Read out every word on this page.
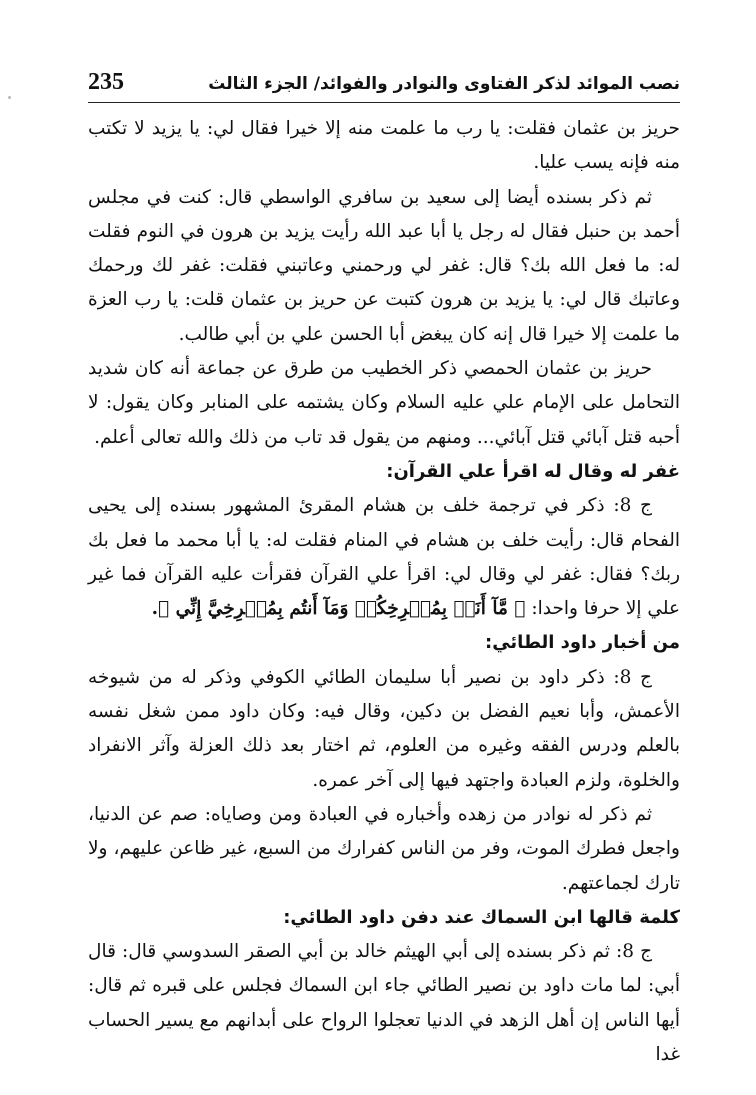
نصب الموائد لذكر الفتاوى والنوادر والفوائد/ الجزء الثالث
235

حريز بن عثمان فقلت: يا رب ما علمت منه إلا خيرا فقال لي: يا يزيد لا تكتب منه فإنه يسب عليا.

ثم ذكر بسنده أيضا إلى سعيد بن سافري الواسطي قال: كنت في مجلس أحمد بن حنبل فقال له رجل يا أبا عبد الله رأيت يزيد بن هرون في النوم فقلت له: ما فعل الله بك؟ قال: غفر لي ورحمني وعاتبني فقلت: غفر لك ورحمك وعاتبك قال لي: يا يزيد بن هرون كتبت عن حريز بن عثمان قلت: يا رب العزة ما علمت إلا خيرا قال إنه كان يبغض أبا الحسن علي بن أبي طالب.

حريز بن عثمان الحمصي ذكر الخطيب من طرق عن جماعة أنه كان شديد التحامل على الإمام علي عليه السلام وكان يشتمه على المنابر وكان يقول: لا أحبه قتل آبائي قتل آبائي... ومنهم من يقول قد تاب من ذلك والله تعالى أعلم.

غفر له وقال له اقرأ علي القرآن:

ج 8: ذكر في ترجمة خلف بن هشام المقرئ المشهور بسنده إلى يحيى الفحام قال: رأيت خلف بن هشام في المنام فقلت له: يا أبا محمد ما فعل بك ربك؟ فقال: غفر لي وقال لي: اقرأ علي القرآن فقرأت عليه القرآن فما غير علي إلا حرفا واحدا: ﴿ مَّآ أَنَا۠ بِمُصۡرِخِكُمۡ وَمَآ أَنتُم بِمُصۡرِخِيَّ إِنِّي ﴾.

من أخبار داود الطائي:

ج 8: ذكر داود بن نصير أبا سليمان الطائي الكوفي وذكر له من شيوخه الأعمش، وأبا نعيم الفضل بن دكين، وقال فيه: وكان داود ممن شغل نفسه بالعلم ودرس الفقه وغيره من العلوم، ثم اختار بعد ذلك العزلة وآثر الانفراد والخلوة، ولزم العبادة واجتهد فيها إلى آخر عمره.

ثم ذكر له نوادر من زهده وأخباره في العبادة ومن وصاياه: صم عن الدنيا، واجعل فطرك الموت، وفر من الناس كفرارك من السبع، غير ظاعن عليهم، ولا تارك لجماعتهم.

كلمة قالها ابن السماك عند دفن داود الطائي:

ج 8: ثم ذكر بسنده إلى أبي الهيثم خالد بن أبي الصقر السدوسي قال: قال أبي: لما مات داود بن نصير الطائي جاء ابن السماك فجلس على قبره ثم قال: أيها الناس إن أهل الزهد في الدنيا تعجلوا الرواح على أبدانهم مع يسير الحساب غدا
